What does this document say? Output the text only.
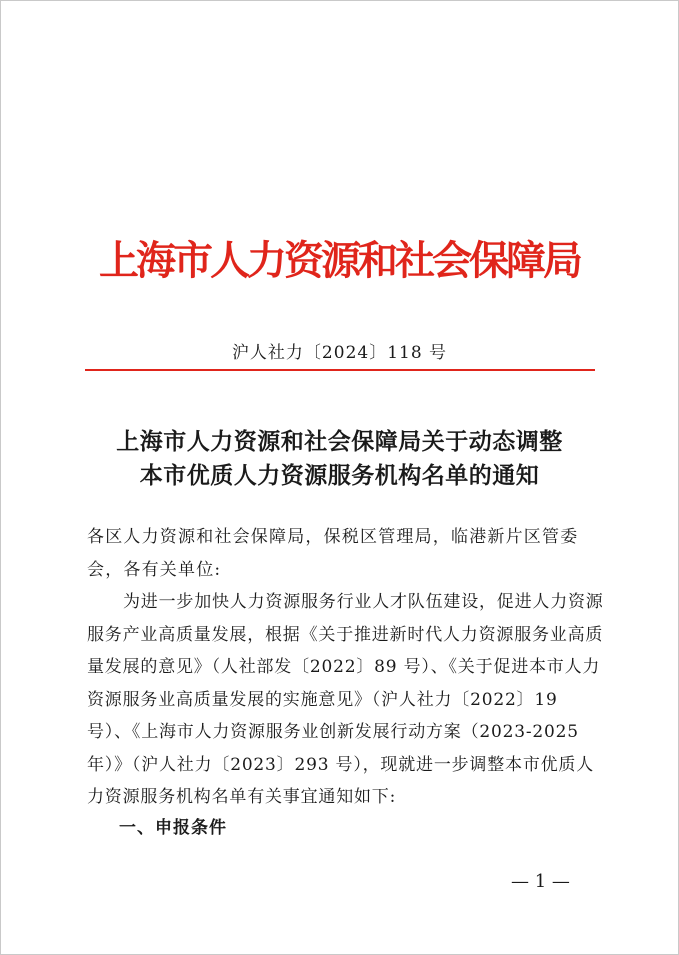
上海市人力资源和社会保障局
沪人社力〔2024〕118 号
上海市人力资源和社会保障局关于动态调整
本市优质人力资源服务机构名单的通知
各区人力资源和社会保障局，保税区管理局，临港新片区管委会，各有关单位:
为进一步加快人力资源服务行业人才队伍建设，促进人力资源服务产业高质量发展，根据《关于推进新时代人力资源服务业高质量发展的意见》（人社部发〔2022〕89 号）、《关于促进本市人力资源服务业高质量发展的实施意见》（沪人社力〔2022〕19 号）、《上海市人力资源服务业创新发展行动方案（2023-2025 年）》（沪人社力〔2023〕293 号），现就进一步调整本市优质人力资源服务机构名单有关事宜通知如下:
一、申报条件
— 1 —
